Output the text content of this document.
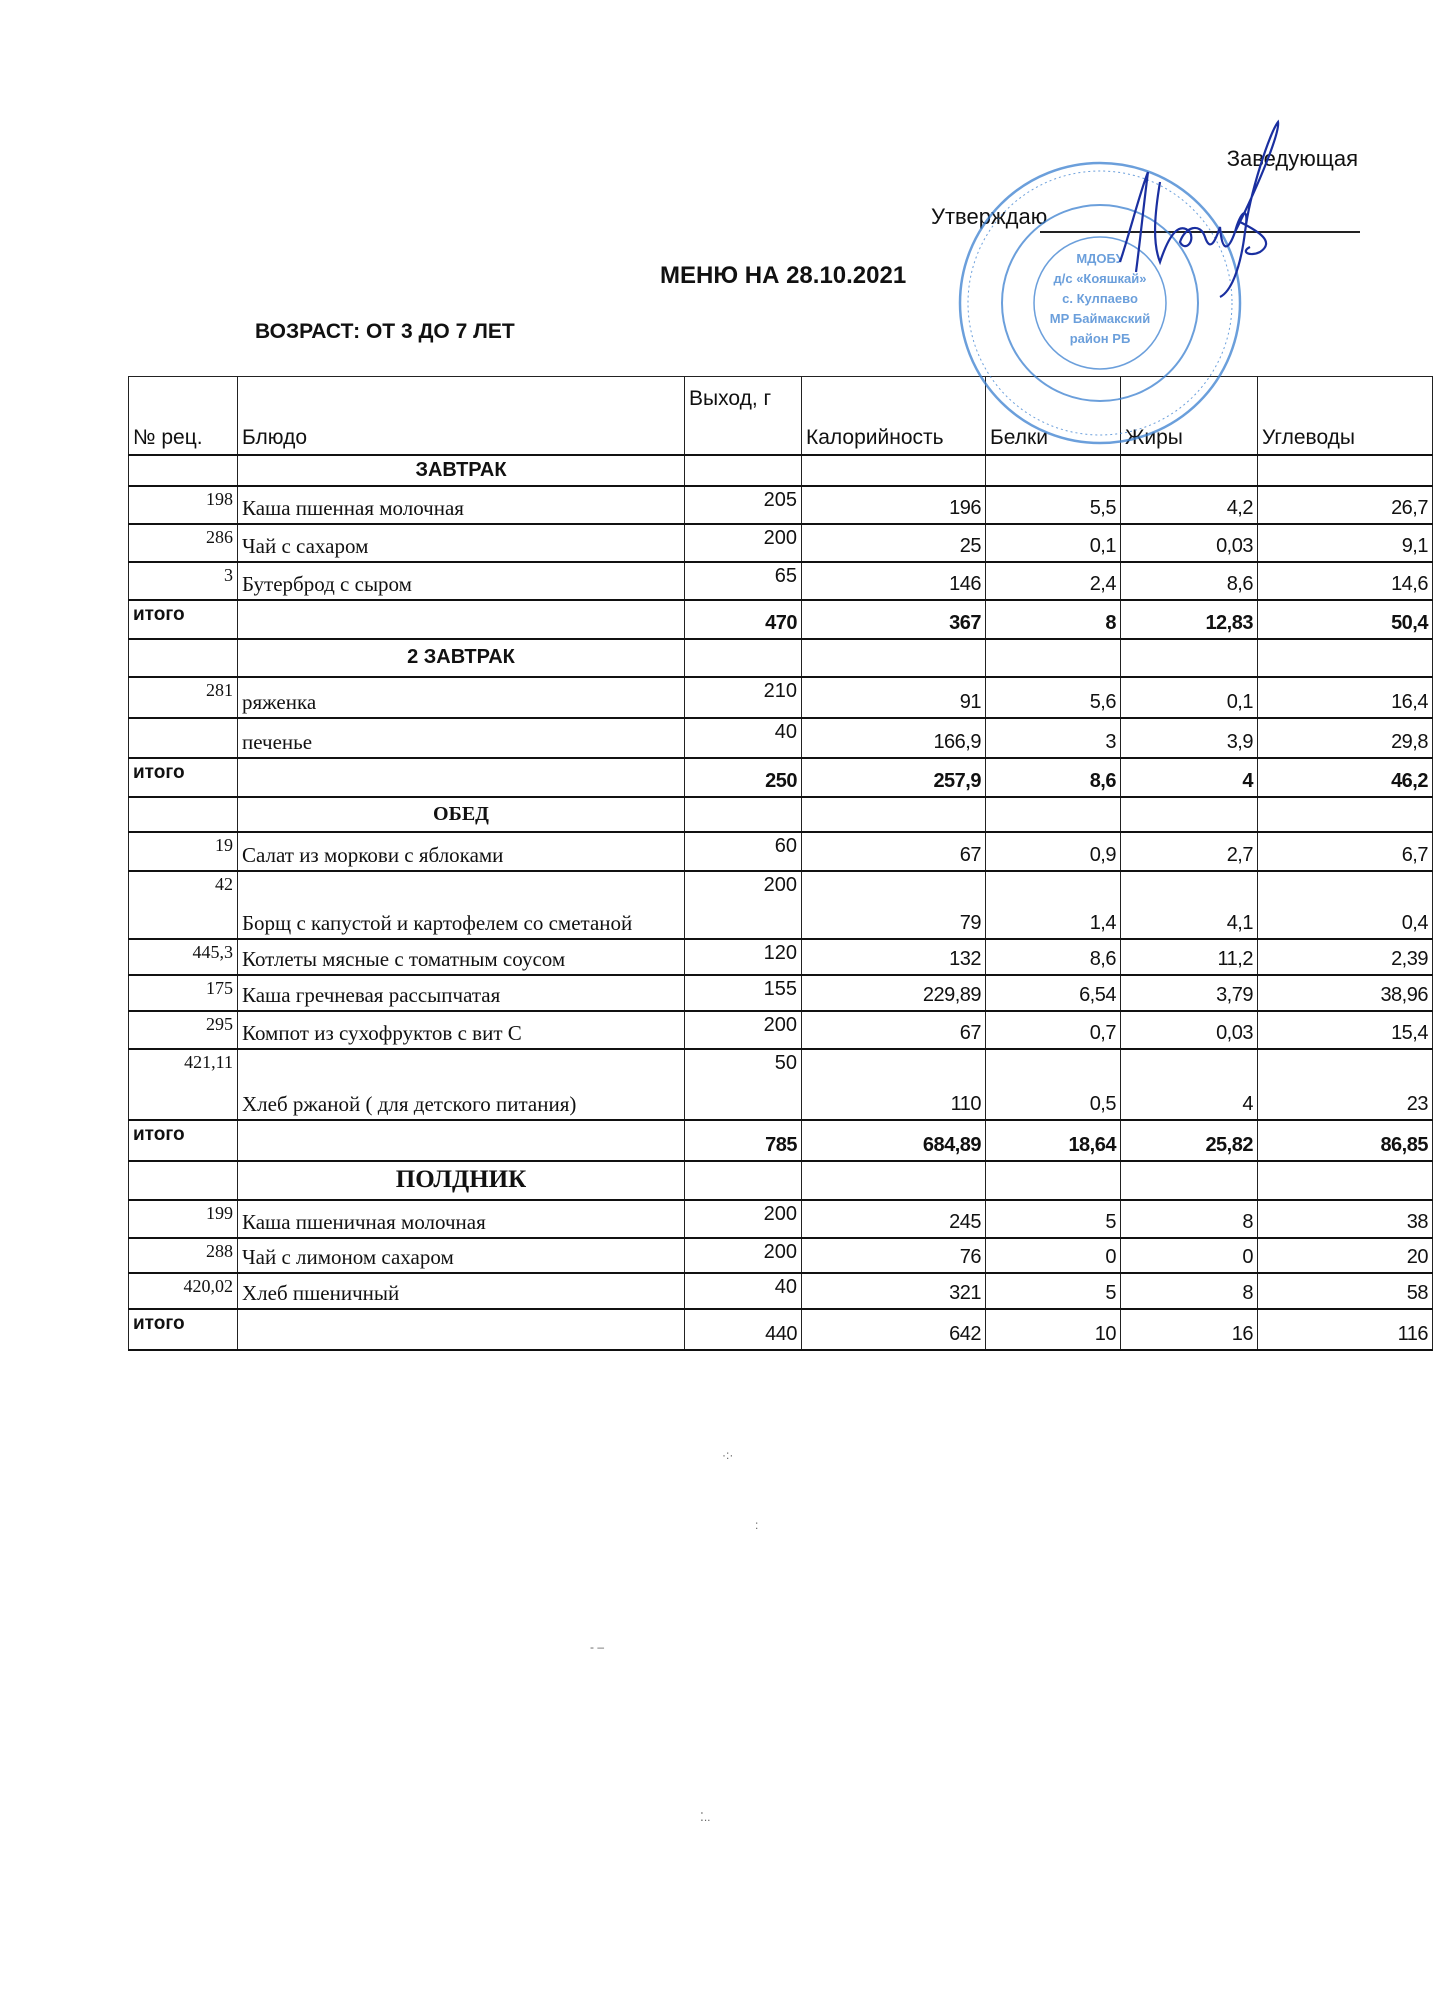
Заведующая
Утверждаю
МЕНЮ НА 28.10.2021
ВОЗРАСТ: ОТ 3 ДО 7 ЛЕТ
№ рец.	Блюдо	Выход, г	Калорийность	Белки	Жиры	Углеводы
	ЗАВТРАК					
198	Каша пшенная молочная	205	196	5,5	4,2	26,7
286	Чай с сахаром	200	25	0,1	0,03	9,1
3	Бутерброд с сыром	65	146	2,4	8,6	14,6
итого		470	367	8	12,83	50,4
	2 ЗАВТРАК					
281	ряженка	210	91	5,6	0,1	16,4
	печенье	40	166,9	3	3,9	29,8
итого		250	257,9	8,6	4	46,2
	ОБЕД					
19	Салат из моркови с яблоками	60	67	0,9	2,7	6,7
42	Борщ с капустой и картофелем со сметаной	200	79	1,4	4,1	0,4
445,3	Котлеты мясные с томатным соусом	120	132	8,6	11,2	2,39
175	Каша гречневая рассыпчатая	155	229,89	6,54	3,79	38,96
295	Компот из сухофруктов с вит С	200	67	0,7	0,03	15,4
421,11	Хлеб ржаной ( для детского питания)	50	110	0,5	4	23
итого		785	684,89	18,64	25,82	86,85
	ПОЛДНИК					
199	Каша пшеничная молочная	200	245	5	8	38
288	Чай с лимоном сахаром	200	76	0	0	20
420,02	Хлеб пшеничный	40	321	5	8	58
итого		440	642	10	16	116
МДОБУ
д/с «Кояшкай»
с. Кулпаево
МР Баймакский
район РБ
·:·
:
- ‒
⁚..
